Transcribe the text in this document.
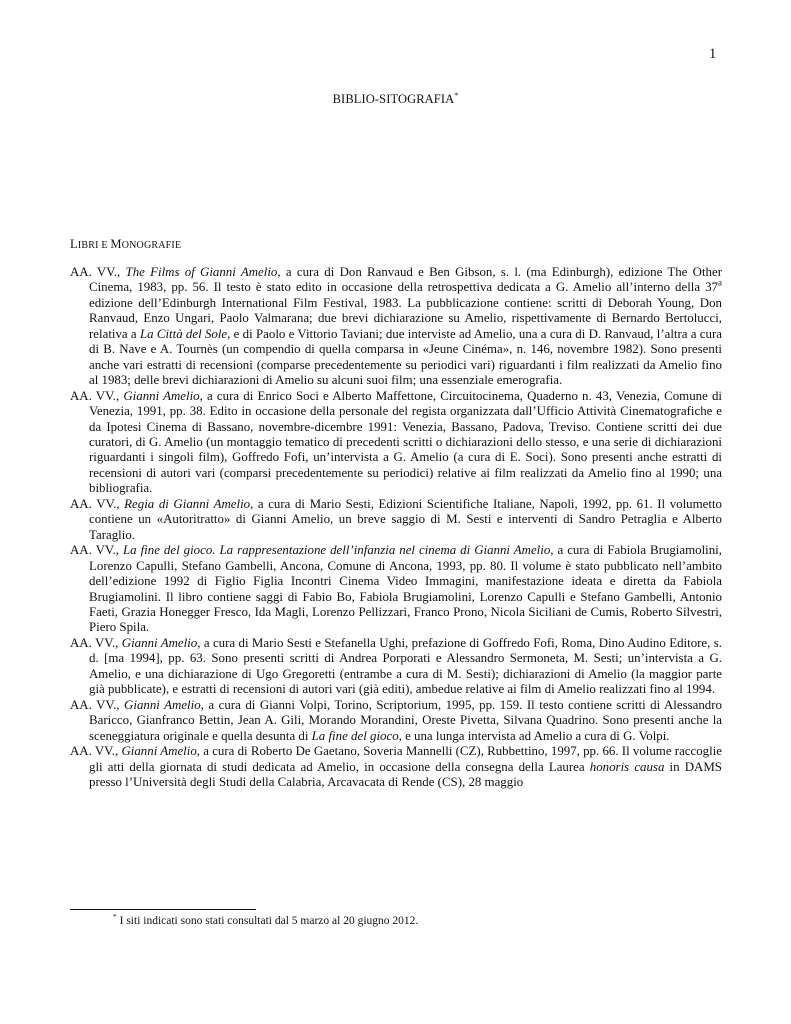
1
BIBLIO-SITOGRAFIA*
LIBRI E MONOGRAFIE

AA. VV., The Films of Gianni Amelio, a cura di Don Ranvaud e Ben Gibson, s. l. (ma Edinburgh), edizione The Other Cinema, 1983, pp. 56. Il testo è stato edito in occasione della retrospettiva dedicata a G. Amelio all’interno della 37$^a$ edizione dell’Edinburgh International Film Festival, 1983. La pubblicazione contiene: scritti di Deborah Young, Don Ranvaud, Enzo Ungari, Paolo Valmarana; due brevi dichiarazione su Amelio, rispettivamente di Bernardo Bertolucci, relativa a La Città del Sole, e di Paolo e Vittorio Taviani; due interviste ad Amelio, una a cura di D. Ranvaud, l’altra a cura di B. Nave e A. Tournès (un compendio di quella comparsa in «Jeune Cinéma», n. 146, novembre 1982). Sono presenti anche vari estratti di recensioni (comparse precedentemente su periodici vari) riguardanti i film realizzati da Amelio fino al 1983; delle brevi dichiarazioni di Amelio su alcuni suoi film; una essenziale emerografia.

AA. VV., Gianni Amelio, a cura di Enrico Soci e Alberto Maffettone, Circuitocinema, Quaderno n. 43, Venezia, Comune di Venezia, 1991, pp. 38. Edito in occasione della personale del regista organizzata dall’Ufficio Attività Cinematografiche e da Ipotesi Cinema di Bassano, novembre-dicembre 1991: Venezia, Bassano, Padova, Treviso. Contiene scritti dei due curatori, di G. Amelio (un montaggio tematico di precedenti scritti o dichiarazioni dello stesso, e una serie di dichiarazioni riguardanti i singoli film), Goffredo Fofi, un’intervista a G. Amelio (a cura di E. Soci). Sono presenti anche estratti di recensioni di autori vari (comparsi precedentemente su periodici) relative ai film realizzati da Amelio fino al 1990; una bibliografia.

AA. VV., Regia di Gianni Amelio, a cura di Mario Sesti, Edizioni Scientifiche Italiane, Napoli, 1992, pp. 61. Il volumetto contiene un «Autoritratto» di Gianni Amelio, un breve saggio di M. Sesti e interventi di Sandro Petraglia e Alberto Taraglio.

AA. VV., La fine del gioco. La rappresentazione dell’infanzia nel cinema di Gianni Amelio, a cura di Fabiola Brugiamolini, Lorenzo Capulli, Stefano Gambelli, Ancona, Comune di Ancona, 1993, pp. 80. Il volume è stato pubblicato nell’ambito dell’edizione 1992 di Figlio Figlia Incontri Cinema Video Immagini, manifestazione ideata e diretta da Fabiola Brugiamolini. Il libro contiene saggi di Fabio Bo, Fabiola Brugiamolini, Lorenzo Capulli e Stefano Gambelli, Antonio Faeti, Grazia Honegger Fresco, Ida Magli, Lorenzo Pellizzari, Franco Prono, Nicola Siciliani de Cumis, Roberto Silvestri, Piero Spila.

AA. VV., Gianni Amelio, a cura di Mario Sesti e Stefanella Ughi, prefazione di Goffredo Fofi, Roma, Dino Audino Editore, s. d. [ma 1994], pp. 63. Sono presenti scritti di Andrea Porporati e Alessandro Sermoneta, M. Sesti; un’intervista a G. Amelio, e una dichiarazione di Ugo Gregoretti (entrambe a cura di M. Sesti); dichiarazioni di Amelio (la maggior parte già pubblicate), e estratti di recensioni di autori vari (già editi), ambedue relative ai film di Amelio realizzati fino al 1994.

AA. VV., Gianni Amelio, a cura di Gianni Volpi, Torino, Scriptorium, 1995, pp. 159. Il testo contiene scritti di Alessandro Baricco, Gianfranco Bettin, Jean A. Gili, Morando Morandini, Oreste Pivetta, Silvana Quadrino. Sono presenti anche la sceneggiatura originale e quella desunta di La fine del gioco, e una lunga intervista ad Amelio a cura di G. Volpi.

AA. VV., Gianni Amelio, a cura di Roberto De Gaetano, Soveria Mannelli (CZ), Rubbettino, 1997, pp. 66. Il volume raccoglie gli atti della giornata di studi dedicata ad Amelio, in occasione della consegna della Laurea honoris causa in DAMS presso l’Università degli Studi della Calabria, Arcavacata di Rende (CS), 28 maggio

* I siti indicati sono stati consultati dal 5 marzo al 20 giugno 2012.
